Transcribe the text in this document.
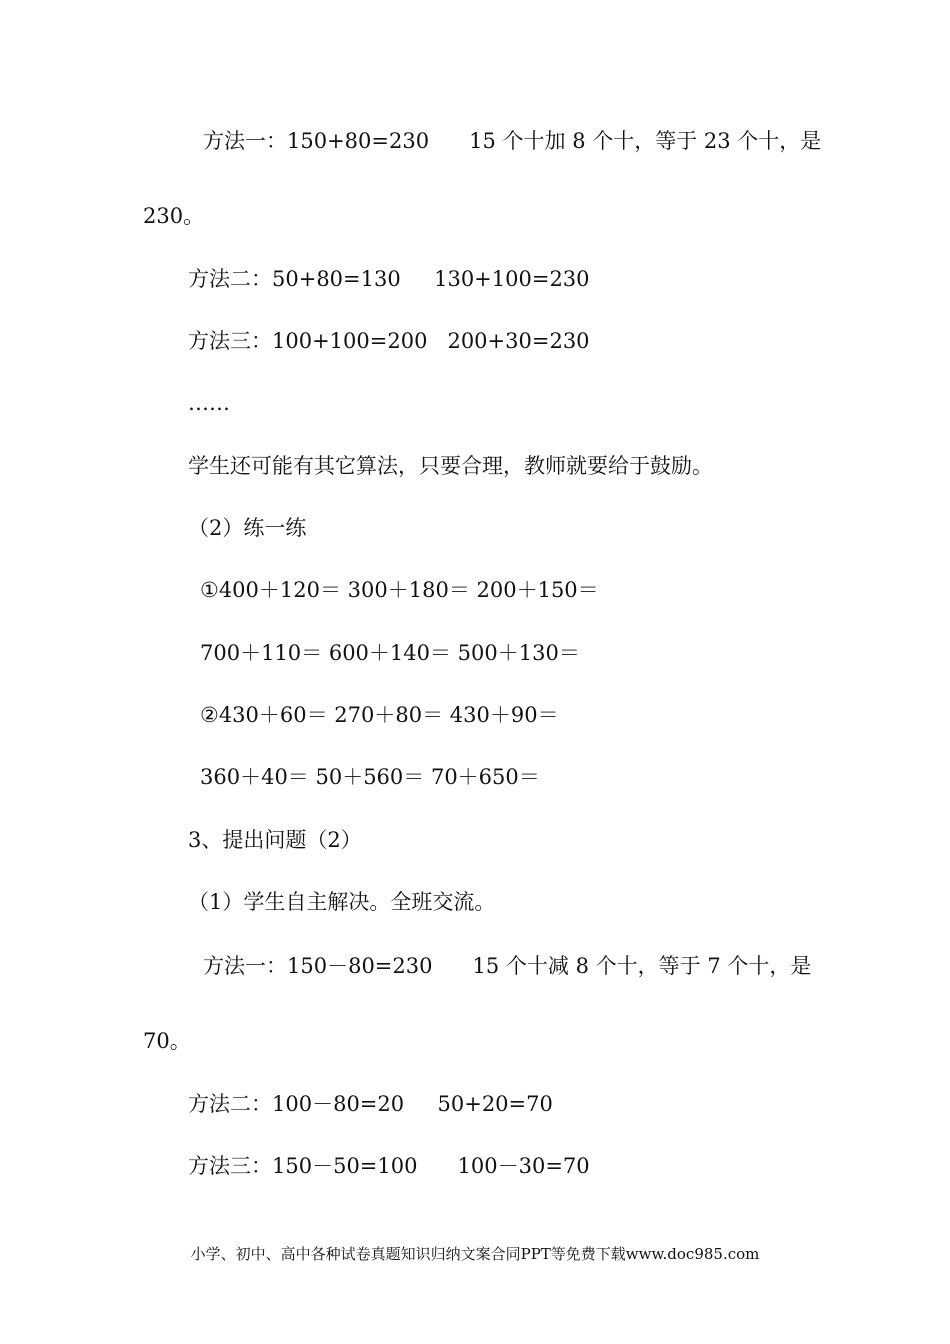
方法一：150+80=230      15 个十加 8 个十，等于 23 个十，是
230。
方法二：50+80=130     130+100=230
方法三：100+100=200   200+30=230
……
学生还可能有其它算法，只要合理，教师就要给于鼓励。
（2）练一练
①400＋120＝ 300＋180＝ 200＋150＝
700＋110＝ 600＋140＝ 500＋130＝
②430＋60＝ 270＋80＝ 430＋90＝
360＋40＝ 50＋560＝ 70＋650＝
3、提出问题（2）
（1）学生自主解决。全班交流。
方法一：150－80=230      15 个十减 8 个十，等于 7 个十，是
70。
方法二：100－80=20     50+20=70
方法三：150－50=100      100－30=70
小学、初中、高中各种试卷真题知识归纳文案合同PPT等免费下载www.doc985.com
